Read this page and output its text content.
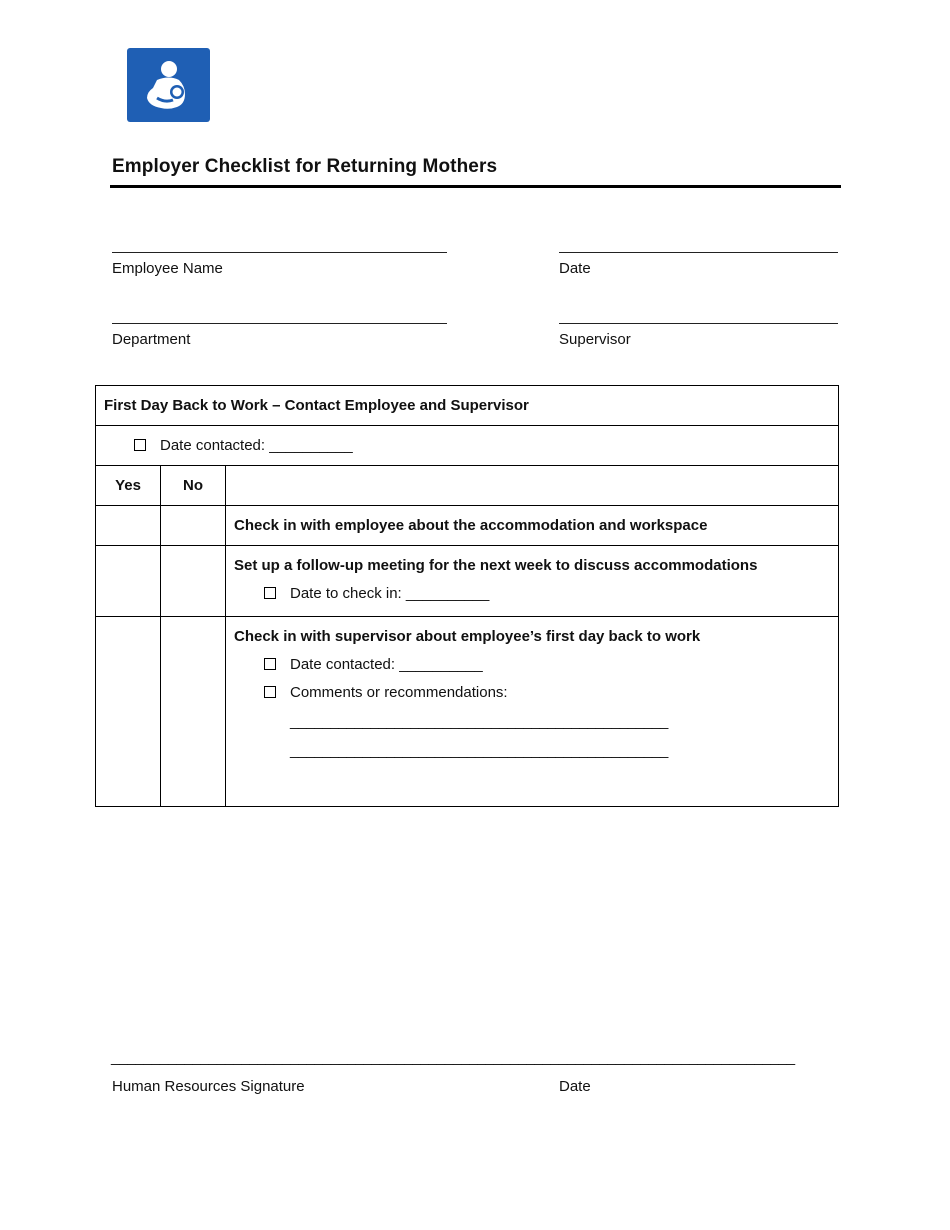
Employer Checklist for Returning Mothers
Employee Name	Date
Department	Supervisor
First Day Back to Work – Contact Employee and Supervisor		
Date contacted: __________		
Yes	No	

		Check in with employee about the accommodation and workspace

		Set up a follow-up meeting for the next week to discuss accommodations
Date to check in: __________

		Check in with supervisor about employee’s first day back to work
Date contacted: __________
Comments or recommendations:
_______________________________________________
_______________________________________________
____________________________________________________________________________________
Human Resources Signature	Date
